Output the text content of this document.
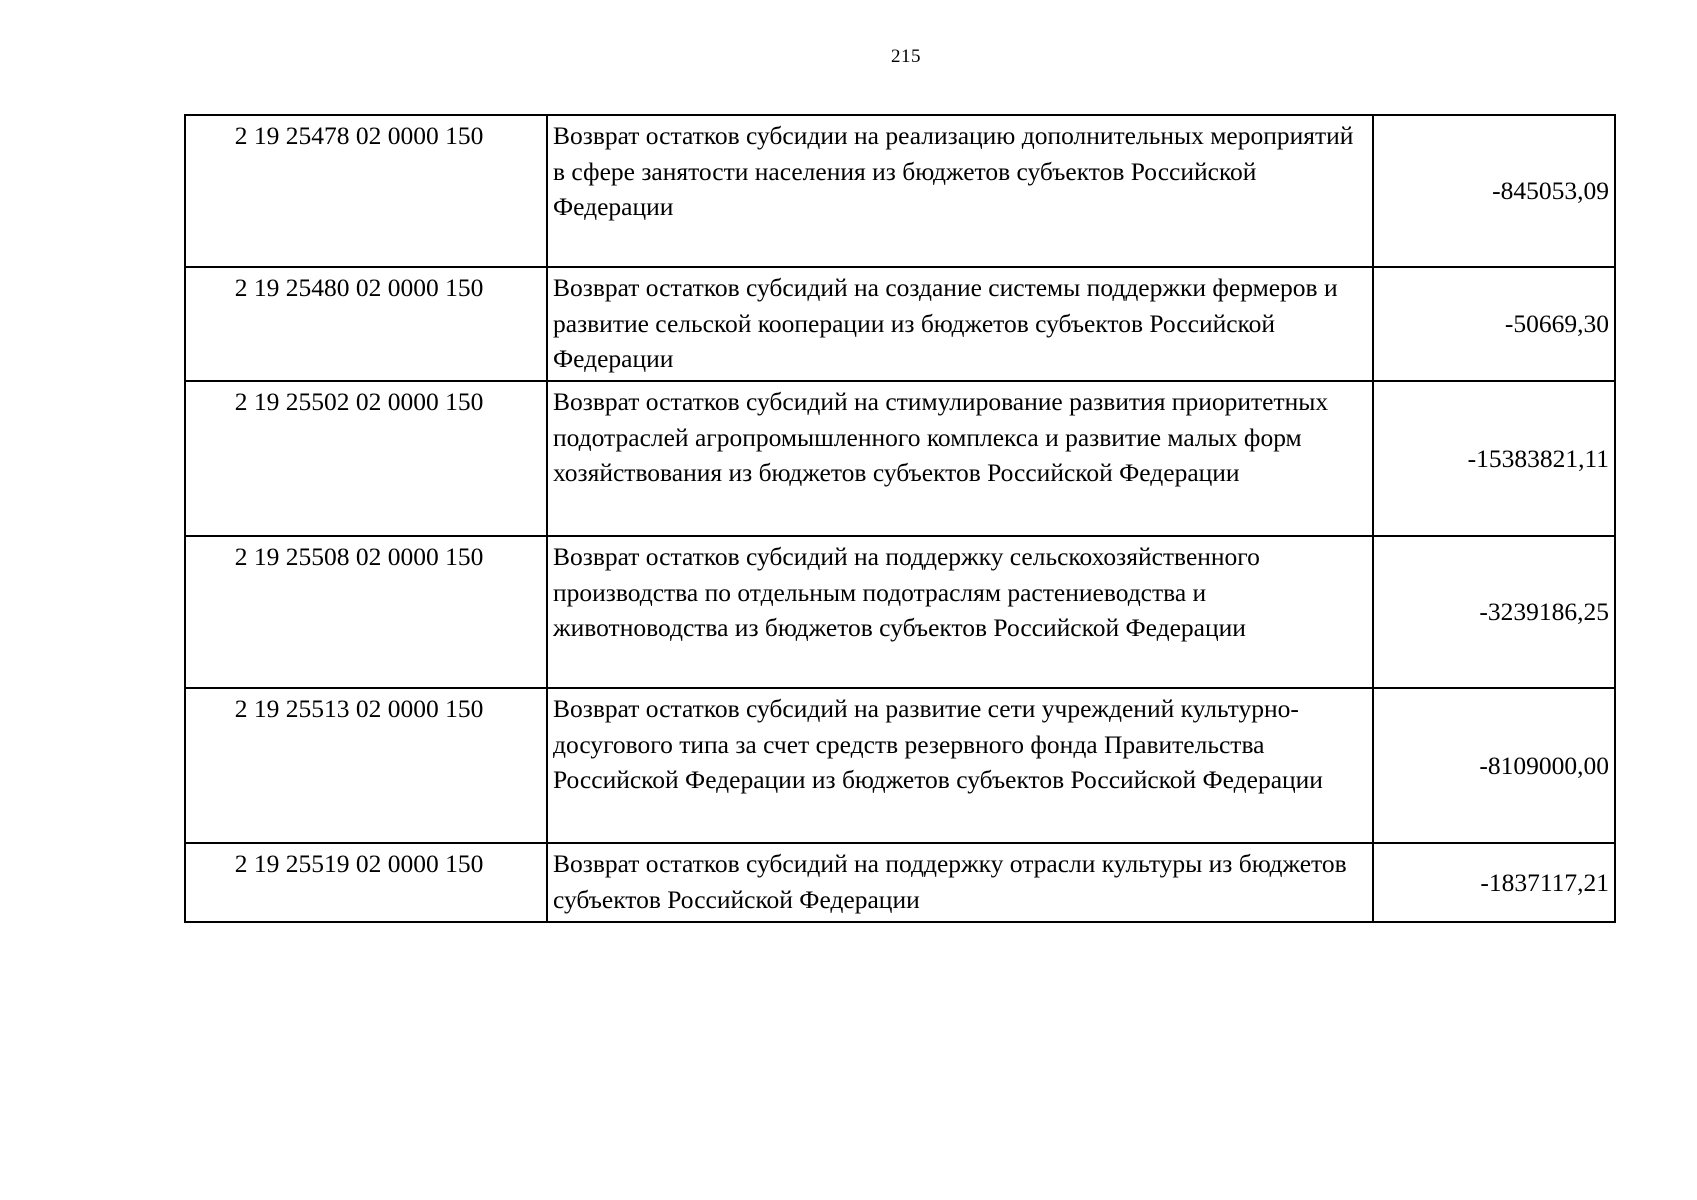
215
2 19 25478 02 0000 150	Возврат остатков субсидии на реализацию дополнительных мероприятий в сфере занятости населения из бюджетов субъектов Российской Федерации	-845053,09
2 19 25480 02 0000 150	Возврат остатков субсидий на создание системы поддержки фермеров и развитие сельской кооперации из бюджетов субъектов Российской Федерации	-50669,30
2 19 25502 02 0000 150	Возврат остатков субсидий на стимулирование развития приоритетных подотраслей агропромышленного комплекса и развитие малых форм хозяйствования из бюджетов субъектов Российской Федерации	-15383821,11
2 19 25508 02 0000 150	Возврат остатков субсидий на поддержку сельскохозяйственного производства по отдельным подотраслям растениеводства и животноводства из бюджетов субъектов Российской Федерации	-3239186,25
2 19 25513 02 0000 150	Возврат остатков субсидий на развитие сети учреждений культурно-досугового типа за счет средств резервного фонда Правительства Российской Федерации из бюджетов субъектов Российской Федерации	-8109000,00
2 19 25519 02 0000 150	Возврат остатков субсидий на поддержку отрасли культуры из бюджетов субъектов Российской Федерации	-1837117,21
